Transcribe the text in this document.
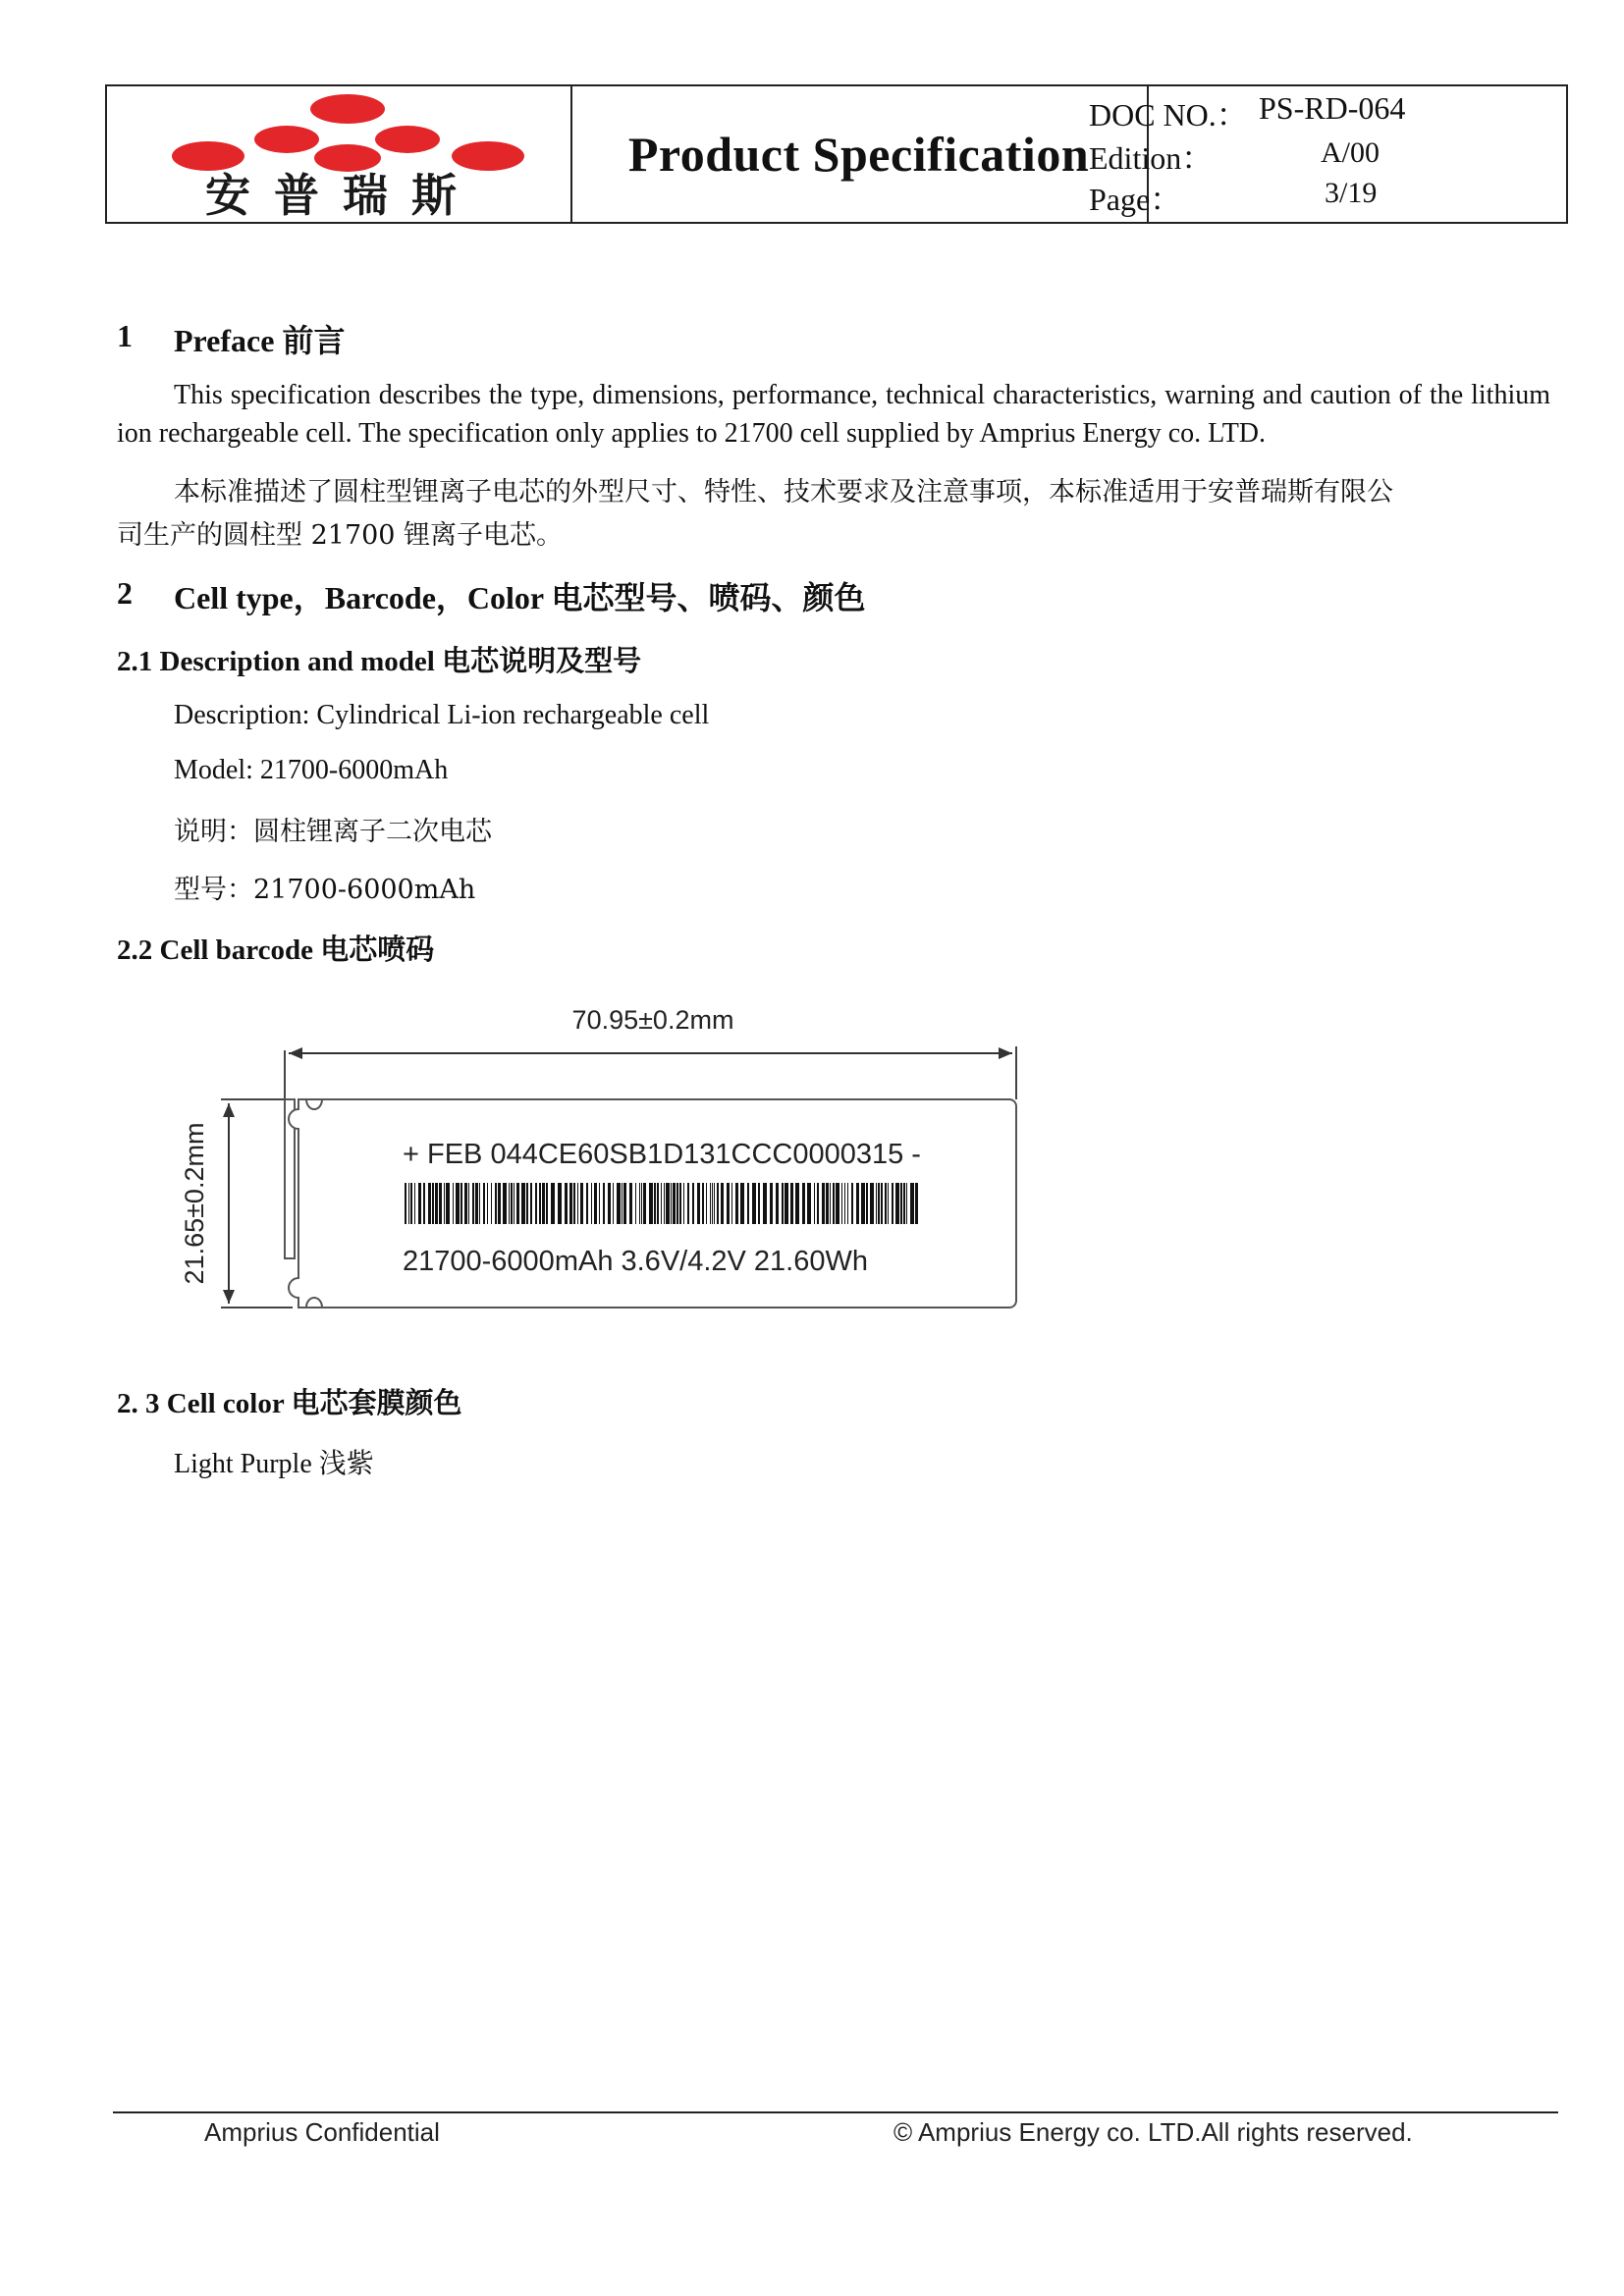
安普瑞斯
Product Specification
DOC NO.： PS-RD-064
Edition：	A/00
Page：	3/19
1 Preface 前言
This specification describes the type, dimensions, performance, technical characteristics, warning and caution of the lithium ion rechargeable cell. The specification only applies to 21700 cell supplied by Amprius Energy co. LTD.
本标准描述了圆柱型锂离子电芯的外型尺寸、特性、技术要求及注意事项，本标准适用于安普瑞斯有限公
司生产的圆柱型 21700 锂离子电芯。
2 Cell type，Barcode，Color 电芯型号、喷码、颜色
2.1 Description and model 电芯说明及型号
Description: Cylindrical Li-ion rechargeable cell
Model: 21700-6000mAh
说明：圆柱锂离子二次电芯
型号：21700-6000mAh
2.2 Cell barcode 电芯喷码
70.95±0.2mm
21.65±0.2mm	+ FEB 044CE60SB1D131CCC0000315 -
21700-6000mAh 3.6V/4.2V 21.60Wh
2. 3 Cell color 电芯套膜颜色
Light Purple 浅紫
Amprius Confidential	© Amprius Energy co. LTD.All rights reserved.
